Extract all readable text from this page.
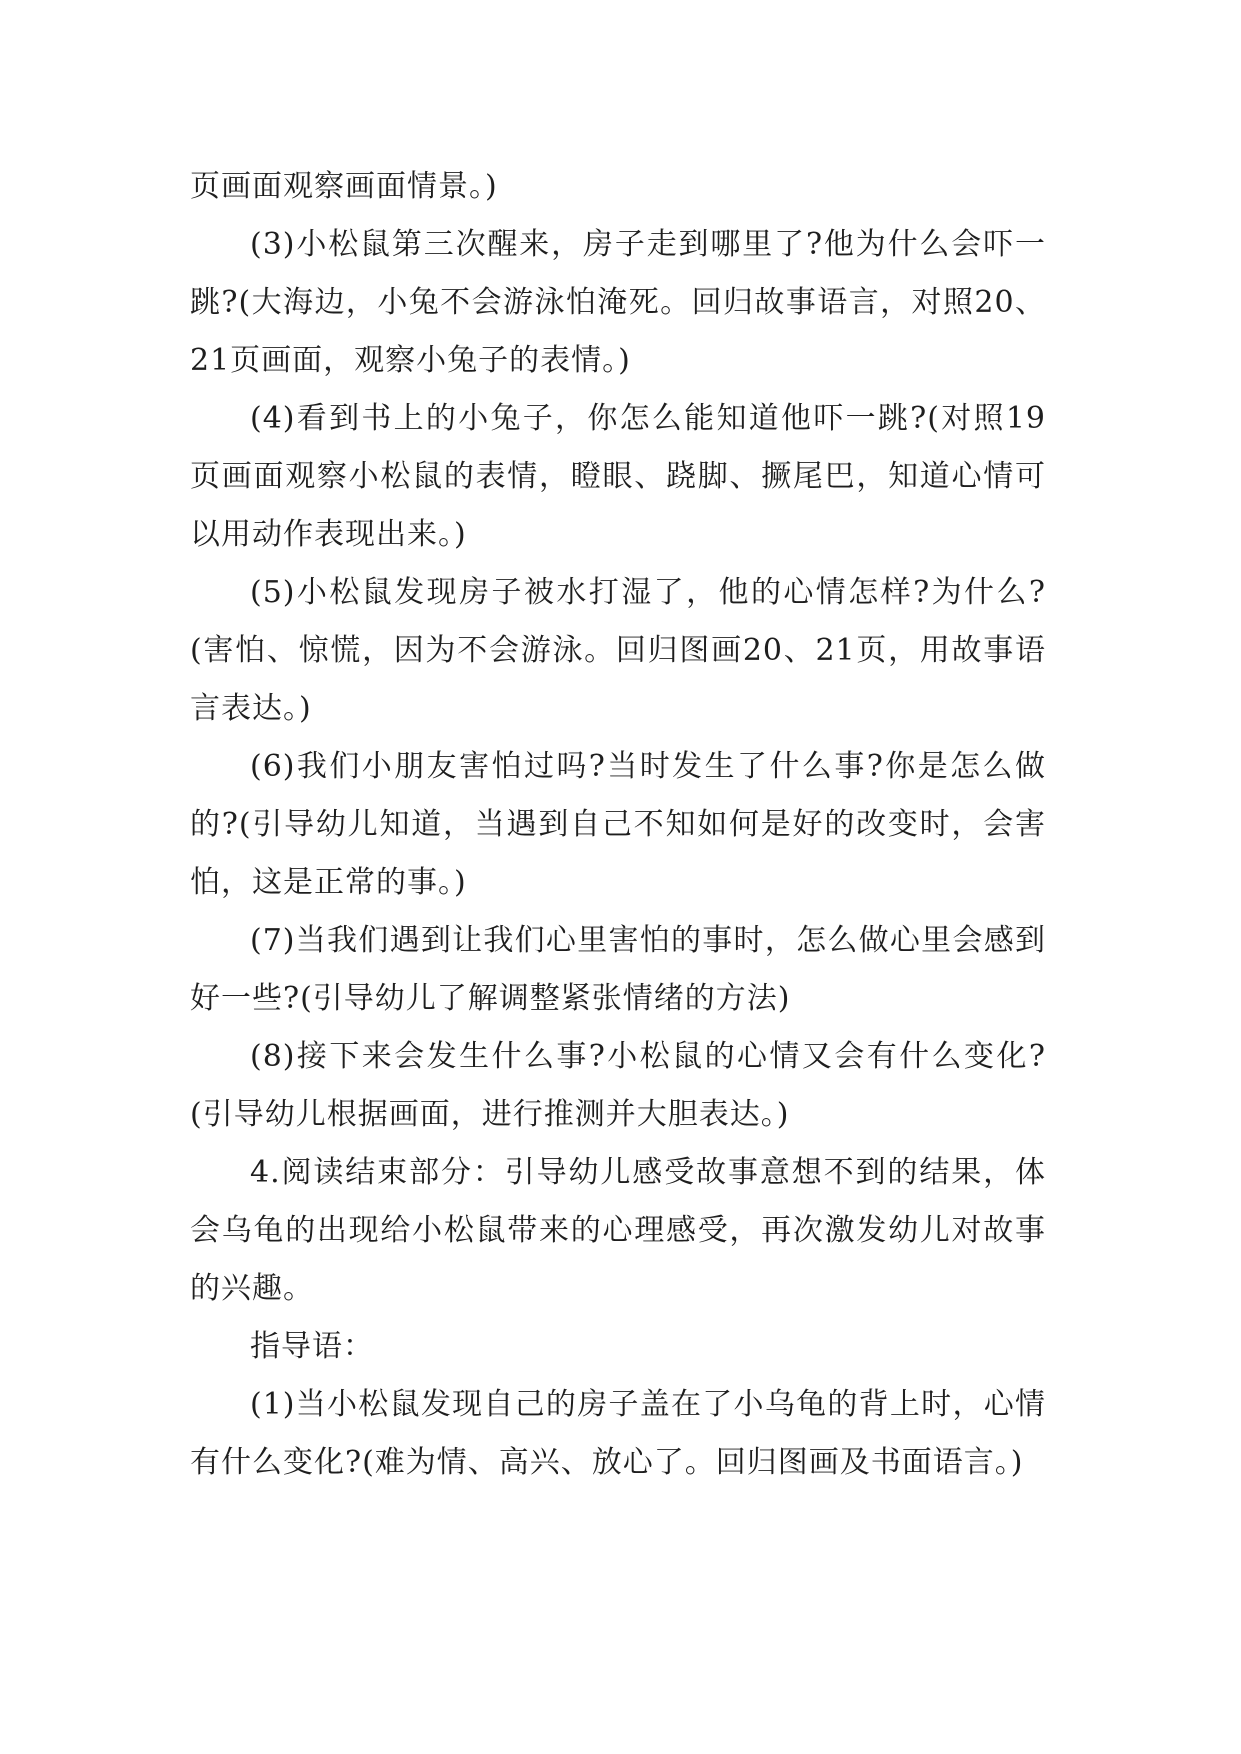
页画面观察画面情景。)

(3)小松鼠第三次醒来，房子走到哪里了?他为什么会吓一跳?(大海边，小兔不会游泳怕淹死。回归故事语言，对照20、21页画面，观察小兔子的表情。)

(4)看到书上的小兔子，你怎么能知道他吓一跳?(对照19页画面观察小松鼠的表情，瞪眼、跷脚、撅尾巴，知道心情可以用动作表现出来。)

(5)小松鼠发现房子被水打湿了，他的心情怎样?为什么?(害怕、惊慌，因为不会游泳。回归图画20、21页，用故事语言表达。)

(6)我们小朋友害怕过吗?当时发生了什么事?你是怎么做的?(引导幼儿知道，当遇到自己不知如何是好的改变时，会害怕，这是正常的事。)

(7)当我们遇到让我们心里害怕的事时，怎么做心里会感到好一些?(引导幼儿了解调整紧张情绪的方法)

(8)接下来会发生什么事?小松鼠的心情又会有什么变化?(引导幼儿根据画面，进行推测并大胆表达。)

4.阅读结束部分：引导幼儿感受故事意想不到的结果，体会乌龟的出现给小松鼠带来的心理感受，再次激发幼儿对故事的兴趣。

指导语：

(1)当小松鼠发现自己的房子盖在了小乌龟的背上时，心情有什么变化?(难为情、高兴、放心了。回归图画及书面语言。)
